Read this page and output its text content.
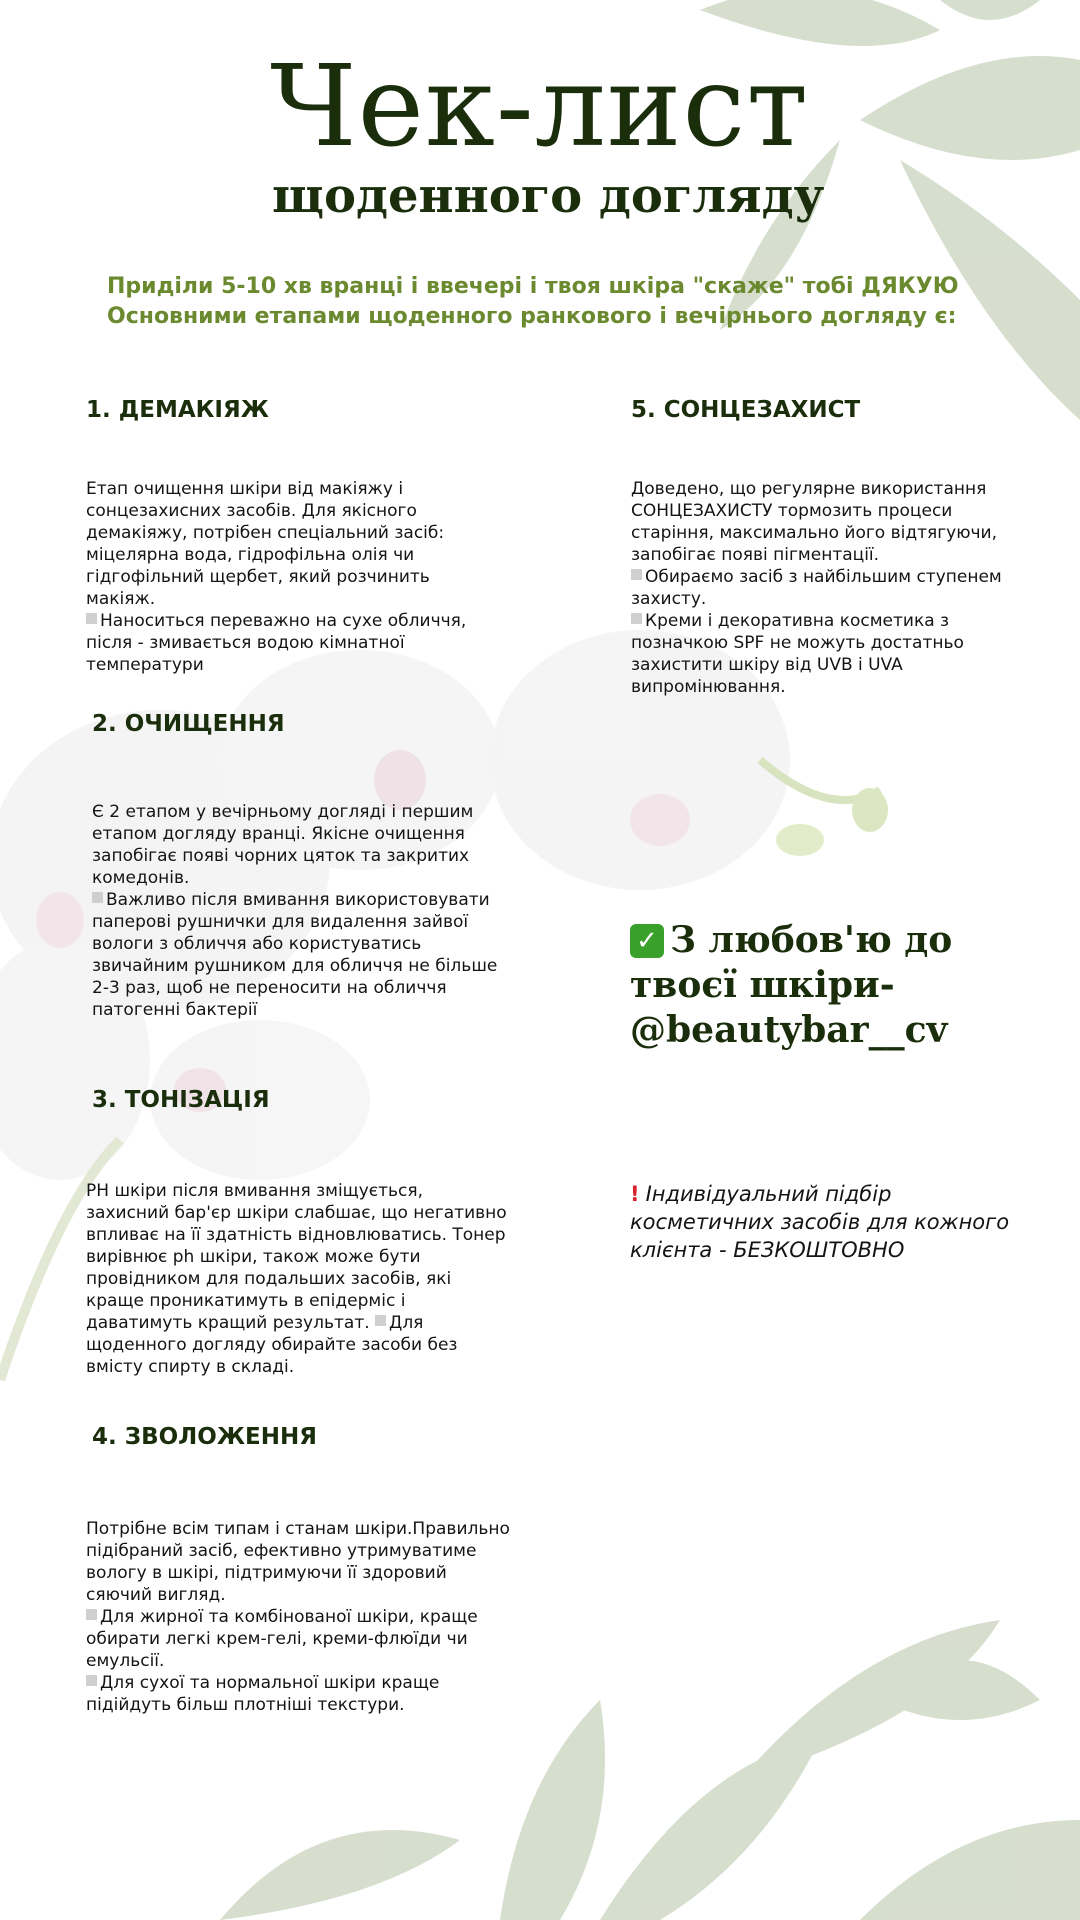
Чек-лист
щоденного догляду
Приділи 5-10 хв вранці і ввечері і твоя шкіра "скаже" тобі ДЯКУЮ
Основними етапами щоденного ранкового і вечірнього догляду є:
1. ДЕМАКІЯЖ

Етап очищення шкіри від макіяжу і сонцезахисних засобів. Для якісного демакіяжу, потрібен спеціальний засіб: міцелярна вода, гідрофільна олія чи гідгофільний щербет, який розчинить макіяж.
Наноситься переважно на сухе обличчя, після - змивається водою кімнатної температури

2. ОЧИЩЕННЯ

Є 2 етапом у вечірньому догляді і першим етапом догляду вранці. Якісне очищення запобігає появі чорних цяток та закритих комедонів.
Важливо після вмивання використовувати паперові рушнички для видалення зайвої вологи з обличчя або користуватись звичайним рушником для обличчя не більше 2-3 раз, щоб не переносити на обличчя патогенні бактерії

3. ТОНІЗАЦІЯ

PH шкіри після вмивання зміщується, захисний бар'єр шкіри слабшає, що негативно впливає на її здатність відновлюватись. Тонер вирівнює ph шкіри, також може бути провідником для подальших засобів, які краще проникатимуть в епідерміс і даватимуть кращий результат. Для щоденного догляду обирайте засоби без вмісту спирту в складі.

4. ЗВОЛОЖЕННЯ

Потрібне всім типам і станам шкіри.Правильно підібраний засіб, ефективно утримуватиме вологу в шкірі, підтримуючи її здоровий сяючий вигляд.
Для жирної та комбінованої шкіри, краще обирати легкі крем-гелі, креми-флюїди чи емульсії.
Для сухої та нормальної шкіри краще підійдуть більш плотніші текстури.

5. СОНЦЕЗАХИСТ

Доведено, що регулярне використання СОНЦЕЗАХИСТУ тормозить процеси старіння, максимально його відтягуючи, запобігає появі пігментації.
Обираємо засіб з найбільшим ступенем захисту.
Креми і декоративна косметика з позначкою SPF не можуть достатньо захистити шкіру від UVB і UVA випромінювання.

✓ З любов'ю до твоєї шкіри- @beautybar__cv

! Індивідуальний підбір косметичних засобів для кожного клієнта - БЕЗКОШТОВНО
